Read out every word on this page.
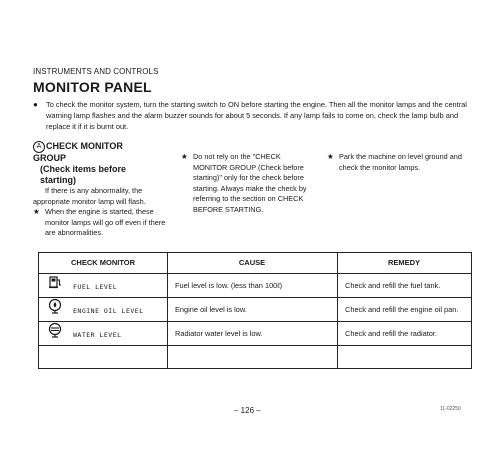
INSTRUMENTS AND CONTROLS
MONITOR PANEL
● To check the monitor system, turn the starting switch to ON before starting the engine. Then all the monitor lamps and the central warning lamp flashes and the alarm buzzer sounds for about 5 seconds. If any lamp fails to come on, check the lamp bulb and replace it if it is burnt out.

A CHECK MONITOR
GROUP
(Check items before
starting)
If there is any abnormality, the
appropriate monitor lamp will flash.
★ When the engine is started, these monitor lamps will go off even if there are abnormalities.
★ Do not rely on the "CHECK MONITOR GROUP (Check before starting)" only for the check before starting. Always make the check by referring to the section on CHECK BEFORE STARTING.
★ Park the machine on level ground and check the monitor lamps.
CHECK MONITOR	CAUSE	REMEDY
FUEL LEVEL	Fuel level is low. (less than 100ℓ)	Check and refill the fuel tank.
ENGINE OIL LEVEL	Engine oil level is low.	Check and refill the engine oil pan.
WATER LEVEL	Radiator water level is low.	Check and refill the radiator.
– 126 –	11-02250
